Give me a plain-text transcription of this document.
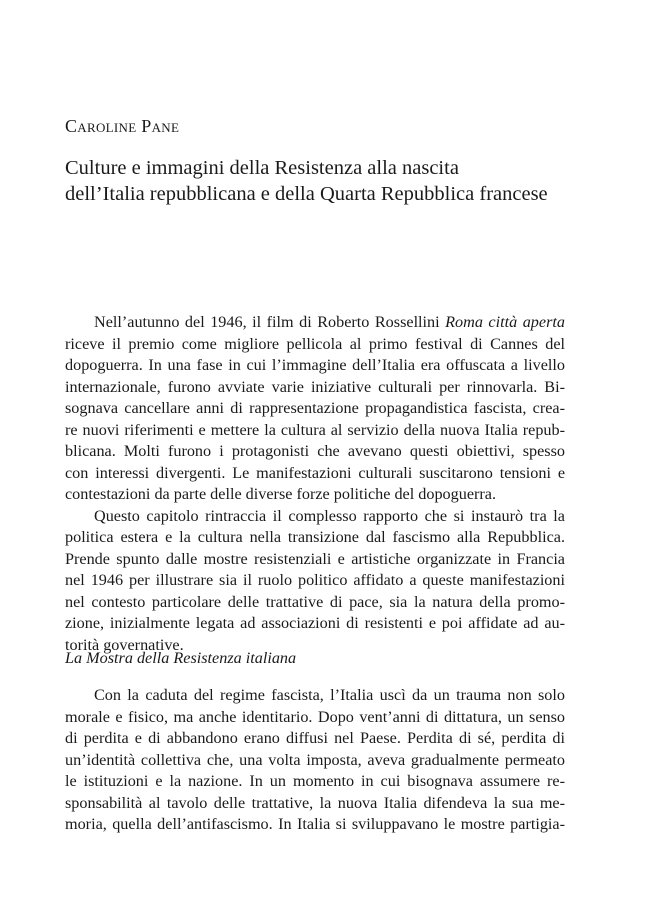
Caroline Pane
Culture e immagini della Resistenza alla nascita
dell’Italia repubblicana e della Quarta Repubblica francese
Nell’autunno del 1946, il film di Roberto Rossellini Roma città aperta
riceve il premio come migliore pellicola al primo festival di Cannes del
dopoguerra. In una fase in cui l’immagine dell’Italia era offuscata a livello
internazionale, furono avviate varie iniziative culturali per rinnovarla. Bi-
sognava cancellare anni di rappresentazione propagandistica fascista, crea-
re nuovi riferimenti e mettere la cultura al servizio della nuova Italia repub-
blicana. Molti furono i protagonisti che avevano questi obiettivi, spesso
con interessi divergenti. Le manifestazioni culturali suscitarono tensioni e
contestazioni da parte delle diverse forze politiche del dopoguerra.
Questo capitolo rintraccia il complesso rapporto che si instaurò tra la
politica estera e la cultura nella transizione dal fascismo alla Repubblica.
Prende spunto dalle mostre resistenziali e artistiche organizzate in Francia
nel 1946 per illustrare sia il ruolo politico affidato a queste manifestazioni
nel contesto particolare delle trattative di pace, sia la natura della promo-
zione, inizialmente legata ad associazioni di resistenti e poi affidate ad au-
torità governative.
La Mostra della Resistenza italiana
Con la caduta del regime fascista, l’Italia uscì da un trauma non solo
morale e fisico, ma anche identitario. Dopo vent’anni di dittatura, un senso
di perdita e di abbandono erano diffusi nel Paese. Perdita di sé, perdita di
un’identità collettiva che, una volta imposta, aveva gradualmente permeato
le istituzioni e la nazione. In un momento in cui bisognava assumere re-
sponsabilità al tavolo delle trattative, la nuova Italia difendeva la sua me-
moria, quella dell’antifascismo. In Italia si sviluppavano le mostre partigia-
